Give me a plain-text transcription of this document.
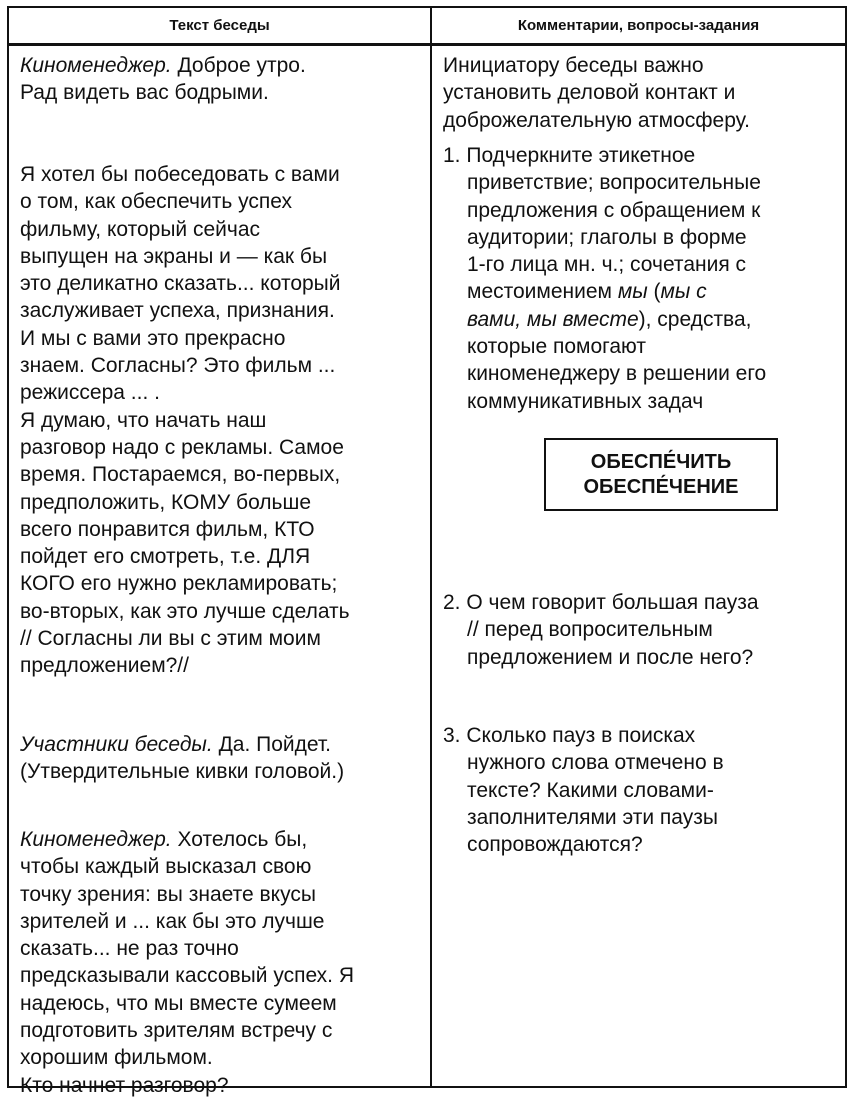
Текст беседы	Комментарии, вопросы-задания
Киноменеджер. Доброе утро.
Рад видеть вас бодрыми.
Я хотел бы побеседовать с вами
о том, как обеспечить успех
фильму, который сейчас
выпущен на экраны и — как бы
это деликатно сказать... который
заслуживает успеха, признания.
И мы с вами это прекрасно
знаем. Согласны? Это фильм ...
режиссера ... .
Я думаю, что начать наш
разговор надо с рекламы. Самое
время. Постараемся, во-первых,
предположить, КОМУ больше
всего понравится фильм, КТО
пойдет его смотреть, т.е. ДЛЯ
КОГО его нужно рекламировать;
во-вторых, как это лучше сделать
// Согласны ли вы с этим моим
предложением?//
Участники беседы. Да. Пойдет.
(Утвердительные кивки головой.)
Киноменеджер. Хотелось бы,
чтобы каждый высказал свою
точку зрения: вы знаете вкусы
зрителей и ... как бы это лучше
сказать... не раз точно
предсказывали кассовый успех. Я
надеюсь, что мы вместе сумеем
подготовить зрителям встречу с
хорошим фильмом.
Кто начнет разговор?
Инициатору беседы важно
установить деловой контакт и
доброжелательную атмосферу.
1. Подчеркните этикетное
приветствие; вопросительные
предложения с обращением к
аудитории; глаголы в форме
1-го лица мн. ч.; сочетания с
местоимением мы (мы с
вами, мы вместе), средства,
которые помогают
киноменеджеру в решении его
коммуникативных задач
ОБЕСПЕ́ЧИТЬ
ОБЕСПЕ́ЧЕНИЕ
2. О чем говорит большая пауза
// перед вопросительным
предложением и после него?
3. Сколько пауз в поисках
нужного слова отмечено в
тексте? Какими словами-
заполнителями эти паузы
сопровождаются?
